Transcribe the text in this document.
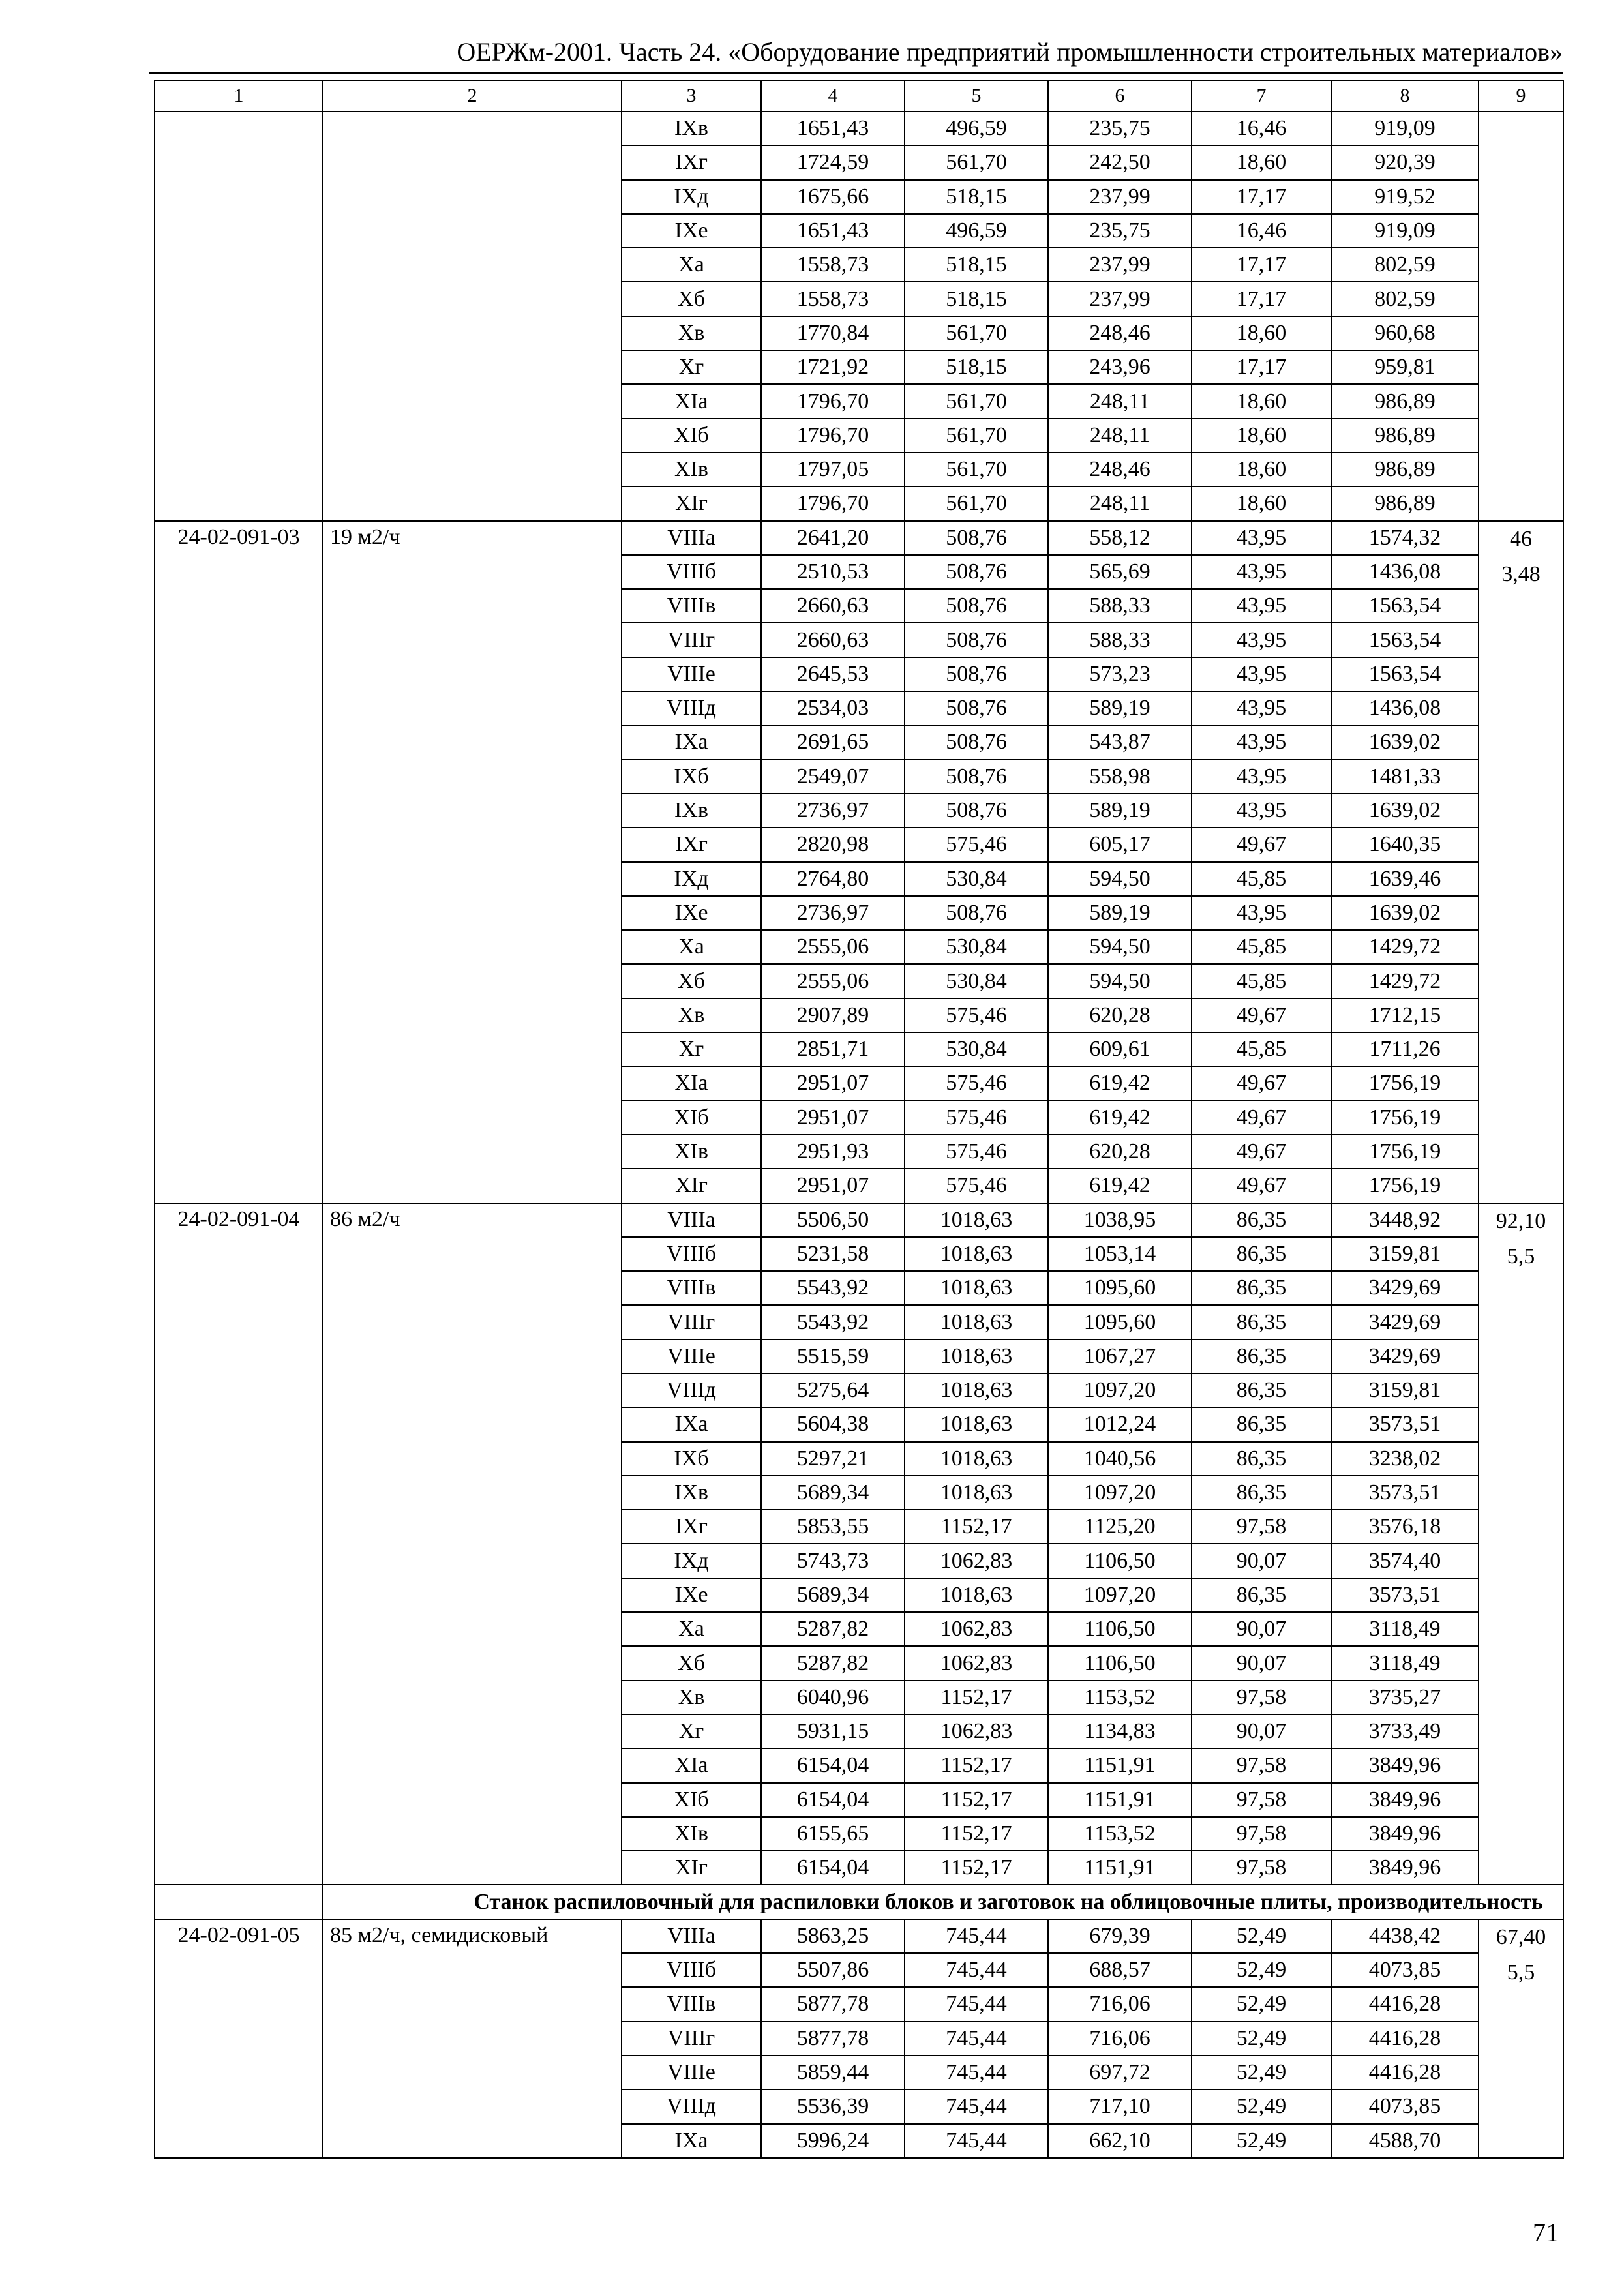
ОЕРЖм-2001. Часть 24. «Оборудование предприятий промышленности строительных материалов»
1	2	3	4	5	6	7	8	9
		IXв	1651,43	496,59	235,75	16,46	919,09	
		IXг	1724,59	561,70	242,50	18,60	920,39	
		IXд	1675,66	518,15	237,99	17,17	919,52	
		IXе	1651,43	496,59	235,75	16,46	919,09	
		Xа	1558,73	518,15	237,99	17,17	802,59	
		Xб	1558,73	518,15	237,99	17,17	802,59	
		Xв	1770,84	561,70	248,46	18,60	960,68	
		Xг	1721,92	518,15	243,96	17,17	959,81	
		XIа	1796,70	561,70	248,11	18,60	986,89	
		XIб	1796,70	561,70	248,11	18,60	986,89	
		XIв	1797,05	561,70	248,46	18,60	986,89	
		XIг	1796,70	561,70	248,11	18,60	986,89	
24-02-091-03	19 м2/ч	VIIIа	2641,20	508,76	558,12	43,95	1574,32	46
3,48

		VIIIб	2510,53	508,76	565,69	43,95	1436,08	
		VIIIв	2660,63	508,76	588,33	43,95	1563,54	
		VIIIг	2660,63	508,76	588,33	43,95	1563,54	
		VIIIе	2645,53	508,76	573,23	43,95	1563,54	
		VIIIд	2534,03	508,76	589,19	43,95	1436,08	
		IXа	2691,65	508,76	543,87	43,95	1639,02	
		IXб	2549,07	508,76	558,98	43,95	1481,33	
		IXв	2736,97	508,76	589,19	43,95	1639,02	
		IXг	2820,98	575,46	605,17	49,67	1640,35	
		IXд	2764,80	530,84	594,50	45,85	1639,46	
		IXе	2736,97	508,76	589,19	43,95	1639,02	
		Xа	2555,06	530,84	594,50	45,85	1429,72	
		Xб	2555,06	530,84	594,50	45,85	1429,72	
		Xв	2907,89	575,46	620,28	49,67	1712,15	
		Xг	2851,71	530,84	609,61	45,85	1711,26	
		XIа	2951,07	575,46	619,42	49,67	1756,19	
		XIб	2951,07	575,46	619,42	49,67	1756,19	
		XIв	2951,93	575,46	620,28	49,67	1756,19	
		XIг	2951,07	575,46	619,42	49,67	1756,19	
24-02-091-04	86 м2/ч	VIIIа	5506,50	1018,63	1038,95	86,35	3448,92	92,10
5,5

		VIIIб	5231,58	1018,63	1053,14	86,35	3159,81	
		VIIIв	5543,92	1018,63	1095,60	86,35	3429,69	
		VIIIг	5543,92	1018,63	1095,60	86,35	3429,69	
		VIIIе	5515,59	1018,63	1067,27	86,35	3429,69	
		VIIIд	5275,64	1018,63	1097,20	86,35	3159,81	
		IXа	5604,38	1018,63	1012,24	86,35	3573,51	
		IXб	5297,21	1018,63	1040,56	86,35	3238,02	
		IXв	5689,34	1018,63	1097,20	86,35	3573,51	
		IXг	5853,55	1152,17	1125,20	97,58	3576,18	
		IXд	5743,73	1062,83	1106,50	90,07	3574,40	
		IXе	5689,34	1018,63	1097,20	86,35	3573,51	
		Xа	5287,82	1062,83	1106,50	90,07	3118,49	
		Xб	5287,82	1062,83	1106,50	90,07	3118,49	
		Xв	6040,96	1152,17	1153,52	97,58	3735,27	
		Xг	5931,15	1062,83	1134,83	90,07	3733,49	
		XIа	6154,04	1152,17	1151,91	97,58	3849,96	
		XIб	6154,04	1152,17	1151,91	97,58	3849,96	
		XIв	6155,65	1152,17	1153,52	97,58	3849,96	
		XIг	6154,04	1152,17	1151,91	97,58	3849,96	
	Станок распиловочный для распиловки блоков и заготовок на облицовочные плиты, производительность							
24-02-091-05	85 м2/ч, семидисковый	VIIIа	5863,25	745,44	679,39	52,49	4438,42	67,40
5,5

		VIIIб	5507,86	745,44	688,57	52,49	4073,85	
		VIIIв	5877,78	745,44	716,06	52,49	4416,28	
		VIIIг	5877,78	745,44	716,06	52,49	4416,28	
		VIIIе	5859,44	745,44	697,72	52,49	4416,28	
		VIIIд	5536,39	745,44	717,10	52,49	4073,85	
		IXа	5996,24	745,44	662,10	52,49	4588,70	
71
